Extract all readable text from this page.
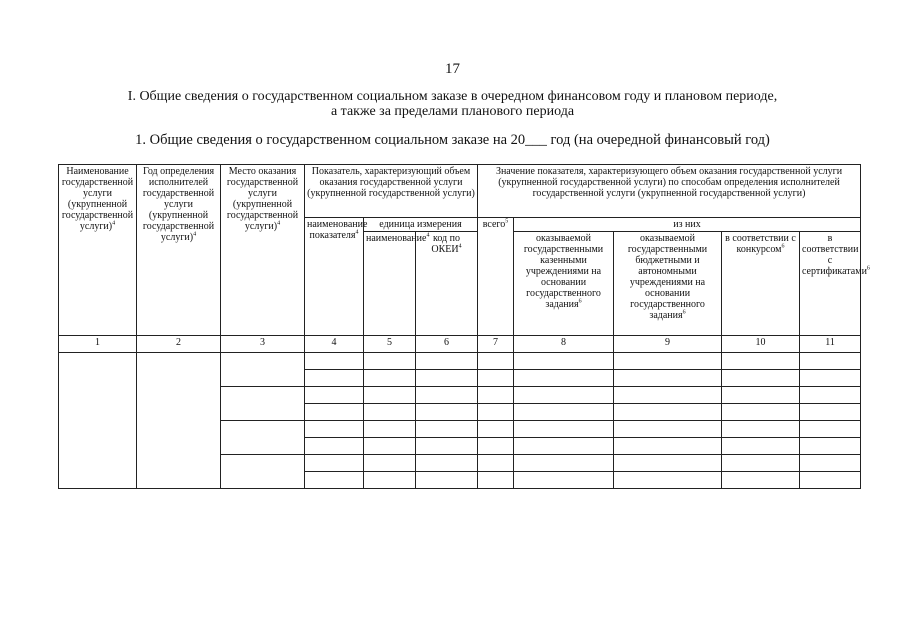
17
I. Общие сведения о государственном социальном заказе в очередном финансовом году и плановом периоде,
а также за пределами планового периода
1. Общие сведения о государственном социальном заказе на 20___ год (на очередной финансовый год)
Наименование государственной услуги (укрупненной государственной услуги)$^4$	Год определения исполнителей государственной услуги (укрупненной государственной услуги)$^4$	Место оказания государственной услуги (укрупненной государственной услуги)$^4$	Показатель, характеризующий объем оказания государственной услуги (укрупненной государственной услуги)			Значение показателя, характеризующего объем оказания государственной услуги (укрупненной государственной услуги) по способам определения исполнителей государственной услуги (укрупненной государственной услуги)				
			наименование показателя$^4$	единица измерения		всего$^5$	из них			
				наименование$^4$	код по ОКЕИ$^4$		оказываемой государственными казенными учреждениями на основании государственного задания$^6$	оказываемой государственными бюджетными и автономными учреждениями на основании государственного задания$^6$	в соответствии с конкурсом$^6$	в соответствии с сертификатами$^6$
1	2	3	4	5	6	7	8	9	10	11
